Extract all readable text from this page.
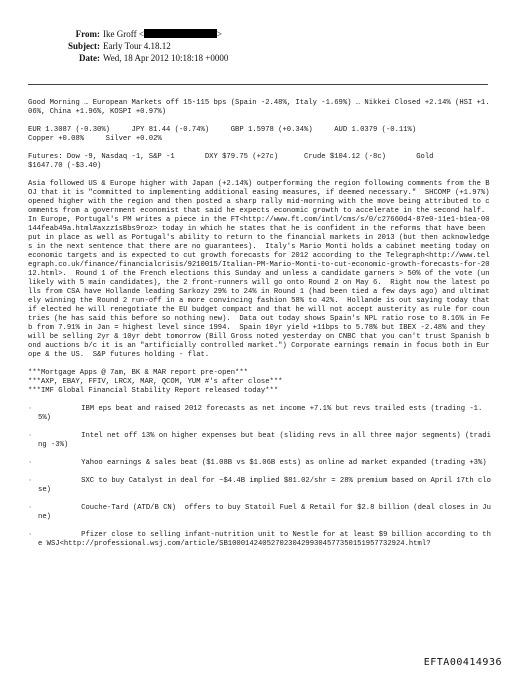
From: Ike Groff <	>
Subject: Early Tour 4.18.12
Date: Wed, 18 Apr 2012 10:18:18 +0000

Good Morning … European Markets off 15-115 bps (Spain -2.48%, Italy -1.69%) … Nikkei Closed +2.14% (HSI +1.06%, China +1.96%, KOSPI +0.97%)

EUR 1.3087 (-0.30%)     JPY 81.44 (-0.74%)     GBP 1.5978 (+0.34%)     AUD 1.0379 (-0.11%)
Copper +0.08%     Silver +0.02%
Futures: Dow -9, Nasdaq -1, S&P -1       DXY $79.75 (+27c)      Crude $104.12 (-8c)       Gold
$1647.70 (-$3.40)

Asia followed US & Europe higher with Japan (+2.14%) outperforming the region following comments from the BOJ that it is "committed to implementing additional easing measures, if deemed necessary."  SHCOMP (+1.97%) opened higher with the region and then posted a sharp rally mid-morning with the move being attributed to comments from a government economist that said he expects economic growth to accelerate in the second half.  In Europe, Portugal's PM writes a piece in the FT<http://www.ft.com/intl/cms/s/0/c27660d4-87e0-11e1-b1ea-00144feab49a.html#axzz1sBbs9roz> today in which he states that he is confident in the reforms that have been put in place as well as Portugal's ability to return to the financial markets in 2013 (but then acknowledges in the next sentence that there are no guarantees).  Italy's Mario Monti holds a cabinet meeting today on economic targets and is expected to cut growth forecasts for 2012 according to the Telegraph<http://www.telegraph.co.uk/finance/financialcrisis/9210015/Italian-PM-Mario-Monti-to-cut-economic-growth-forecasts-for-2012.html>.  Round 1 of the French elections this Sunday and unless a candidate garners > 50% of the vote (unlikely with 5 main candidates), the 2 front-runners will go onto Round 2 on May 6.  Right now the latest polls from CSA have Hollande leading Sarkozy 29% to 24% in Round 1 (had been tied a few days ago) and ultimately winning the Round 2 run-off in a more convincing fashion 58% to 42%.  Hollande is out saying today that if elected he will renegotiate the EU budget compact and that he will not accept austerity as rule for countries (he has said this before so nothing new).  Data out today shows Spain's NPL ratio rose to 8.16% in Feb from 7.91% in Jan = highest level since 1994.  Spain 10yr yield +11bps to 5.78% but IBEX -2.48% and they will be selling 2yr & 10yr debt tomorrow (Bill Gross noted yesterday on CNBC that you can't trust Spanish bond auctions b/c it is an "artificially controlled market.") Corporate earnings remain in focus both in Europe & the US.  S&P futures holding - flat.

***Mortgage Apps @ 7am, BK & MAR report pre-open***
***AXP, EBAY, FFIV, LRCX, MAR, QCOM, YUM #'s after close***
***IMF Global Financial Stability Report released today***
· IBM eps beat and raised 2012 forecasts as net income +7.1% but revs trailed ests (trading -1.5%)
· Intel net off 13% on higher expenses but beat (sliding revs in all three major segments) (trading -3%)
· Yahoo earnings & sales beat ($1.08B vs $1.06B ests) as online ad market expanded (trading +3%)
· SXC to buy Catalyst in deal for ~$4.4B implied $81.02/shr = 28% premium based on April 17th close)
· Couche-Tard (ATD/B CN)  offers to buy Statoil Fuel & Retail for $2.8 billion (deal closes in June)
· Pfizer close to selling infant-nutrition unit to Nestle for at least $9 billion according to the WSJ<http://professional.wsj.com/article/SB10001424052702304299304577350151957732924.html?
EFTA00414936
